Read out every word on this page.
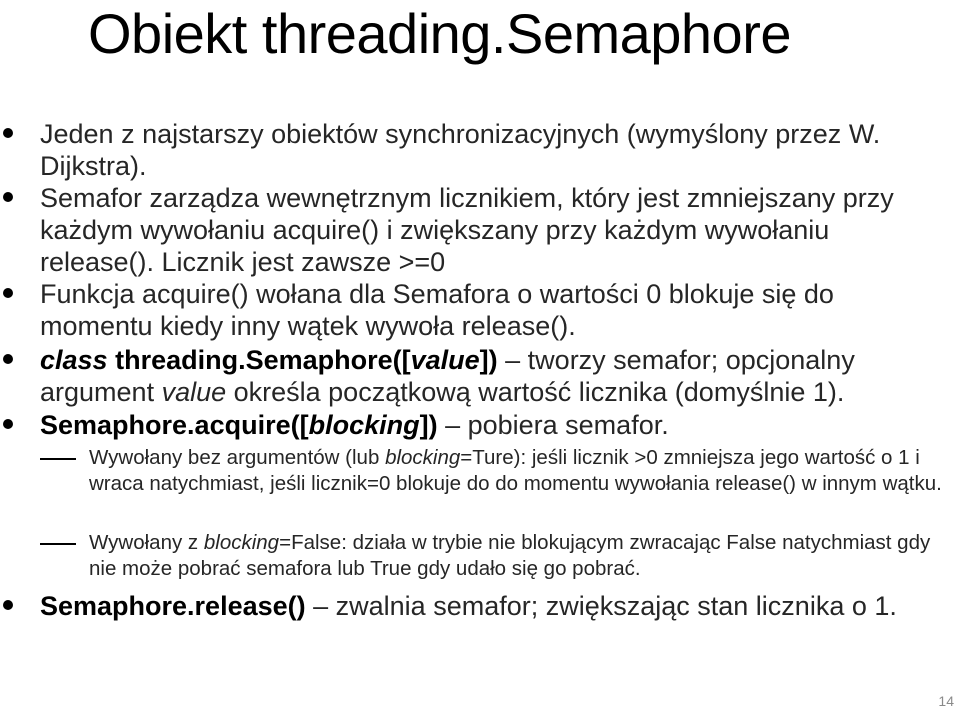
Obiekt threading.Semaphore
Jeden z najstarszy obiektów synchronizacyjnych (wymyślony przez W. Dijkstra).
Semafor zarządza wewnętrznym licznikiem, który jest zmniejszany przy każdym wywołaniu acquire() i zwiększany przy każdym wywołaniu release(). Licznik jest zawsze >=0
Funkcja acquire() wołana dla Semafora o wartości 0 blokuje się do momentu kiedy inny wątek wywoła release().
class threading.Semaphore([value]) – tworzy semafor; opcjonalny argument value określa początkową wartość licznika (domyślnie 1).
Semaphore.acquire([blocking]) – pobiera semafor.
Wywołany bez argumentów (lub blocking=Ture): jeśli licznik >0 zmniejsza jego wartość o 1 i wraca natychmiast, jeśli licznik=0 blokuje do do momentu wywołania release() w innym wątku.
Wywołany z blocking=False: działa w trybie nie blokującym zwracając False natychmiast gdy nie może pobrać semafora lub True gdy udało się go pobrać.
Semaphore.release() – zwalnia semafor; zwiększając stan licznika o 1.
14
